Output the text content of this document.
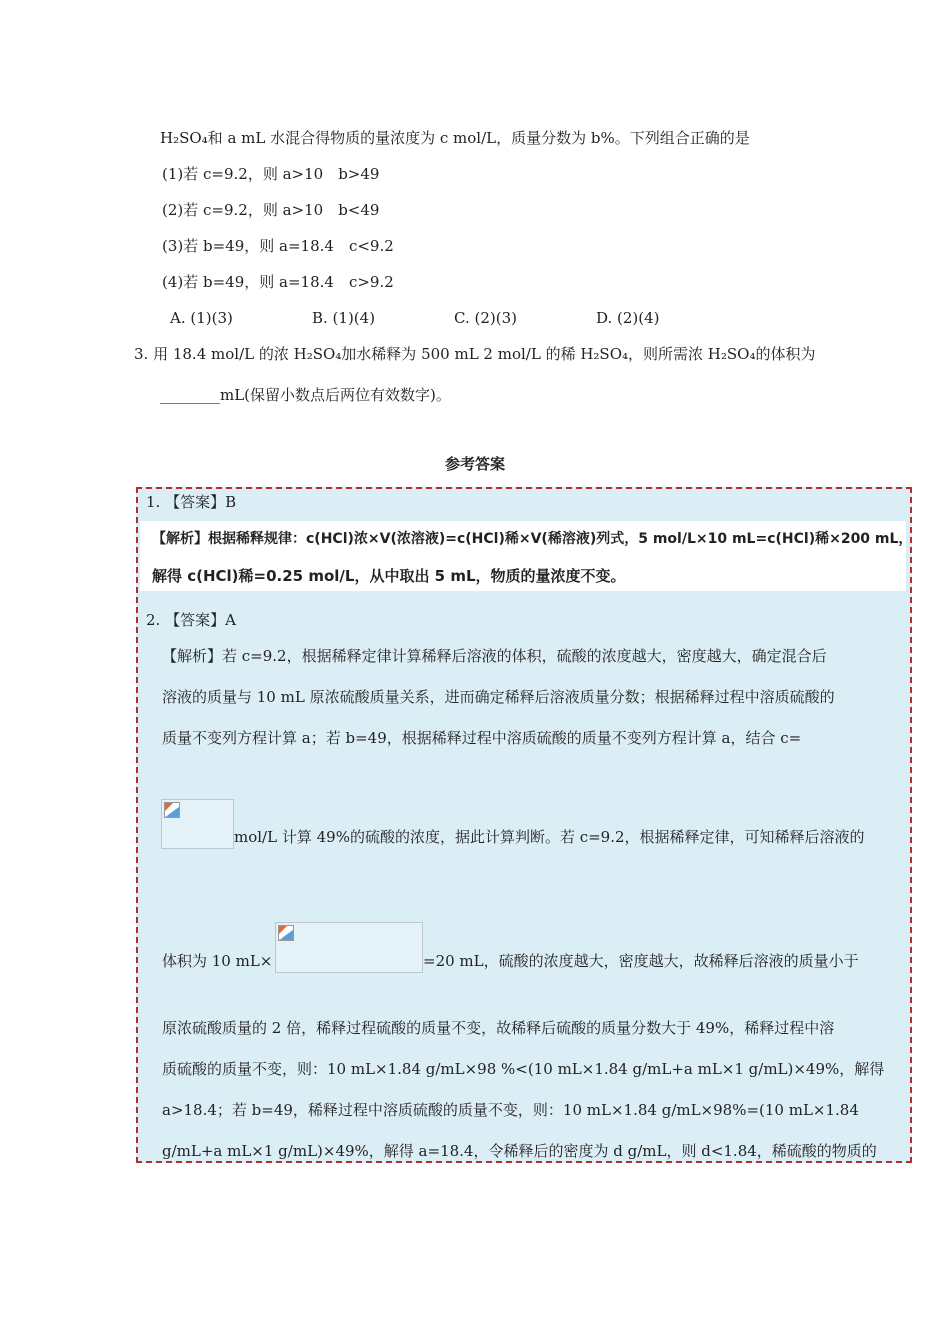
H₂SO₄和 a mL 水混合得物质的量浓度为 c mol/L，质量分数为 b%。下列组合正确的是
(1)若 c=9.2，则 a>10　b>49
(2)若 c=9.2，则 a>10　b<49
(3)若 b=49，则 a=18.4　c<9.2
(4)若 b=49，则 a=18.4　c>9.2
A. (1)(3)	B. (1)(4)	C. (2)(3)	D. (2)(4)
3. 用 18.4 mol/L 的浓 H₂SO₄加水稀释为 500 mL 2 mol/L 的稀 H₂SO₄，则所需浓 H₂SO₄的体积为
________mL(保留小数点后两位有效数字)。
参考答案
1. 【答案】B
【解析】根据稀释规律：c(HCl)浓×V(浓溶液)=c(HCl)稀×V(稀溶液)列式，5 mol/L×10 mL=c(HCl)稀×200 mL，
解得 c(HCl)稀=0.25 mol/L，从中取出 5 mL，物质的量浓度不变。
2. 【答案】A
【解析】若 c=9.2，根据稀释定律计算稀释后溶液的体积，硫酸的浓度越大，密度越大，确定混合后
溶液的质量与 10 mL 原浓硫酸质量关系，进而确定稀释后溶液质量分数；根据稀释过程中溶质硫酸的
质量不变列方程计算 a；若 b=49，根据稀释过程中溶质硫酸的质量不变列方程计算 a，结合 c=
mol/L 计算 49%的硫酸的浓度，据此计算判断。若 c=9.2，根据稀释定律，可知稀释后溶液的
体积为 10 mL×	=20 mL，硫酸的浓度越大，密度越大，故稀释后溶液的质量小于
原浓硫酸质量的 2 倍，稀释过程硫酸的质量不变，故稀释后硫酸的质量分数大于 49%，稀释过程中溶
质硫酸的质量不变，则：10 mL×1.84 g/mL×98 %<(10 mL×1.84 g/mL+a mL×1 g/mL)×49%，解得
a>18.4；若 b=49，稀释过程中溶质硫酸的质量不变，则：10 mL×1.84 g/mL×98%=(10 mL×1.84
g/mL+a mL×1 g/mL)×49%，解得 a=18.4，令稀释后的密度为 d g/mL，则 d<1.84，稀硫酸的物质的
